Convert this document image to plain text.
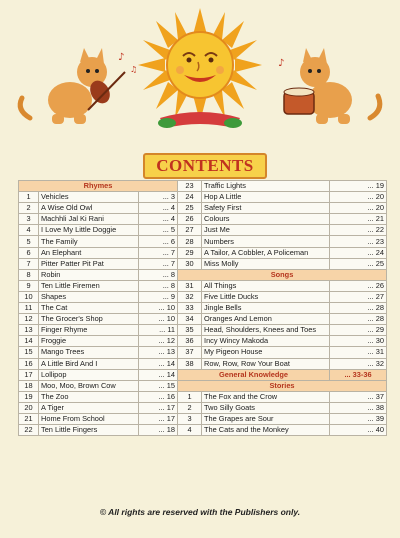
♪
♫
♪
CONTENTS
Rhymes			23	Traffic Lights	... 19
1	Vehicles	... 3	24	Hop A Little	... 20
2	A Wise Old Owl	... 4	25	Safety First	... 20
3	Machhli Jal Ki Rani	... 4	26	Colours	... 21
4	I Love My Little Doggie	... 5	27	Just Me	... 22
5	The Family	... 6	28	Numbers	... 23
6	An Elephant	... 7	29	A Tailor, A Cobbler, A Policeman	... 24
7	Pitter Patter Pit Pat	... 7	30	Miss Molly	... 25
8	Robin	... 8	Songs		
9	Ten Little Firemen	... 8	31	All Things	... 26
10	Shapes	... 9	32	Five Little Ducks	... 27
11	The Cat	... 10	33	Jingle Bells	... 28
12	The Grocer's Shop	... 10	34	Oranges And Lemon	... 28
13	Finger Rhyme	... 11	35	Head, Shoulders, Knees and Toes	... 29
14	Froggie	... 12	36	Incy Wincy Makoda	... 30
15	Mango Trees	... 13	37	My Pigeon House	... 31
16	A Little Bird And I	... 14	38	Row, Row, Row Your Boat	... 32
17	Lollipop	... 14	General Knowledge		... 33-36
18	Moo, Moo, Brown Cow	... 15	Stories		
19	The Zoo	... 16	1	The Fox and the Crow	... 37
20	A Tiger	... 17	2	Two Silly Goats	... 38
21	Home From School	... 17	3	The Grapes are Sour	... 39
22	Ten Little Fingers	... 18	4	The Cats and the Monkey	... 40
© All rights are reserved with the Publishers only.
